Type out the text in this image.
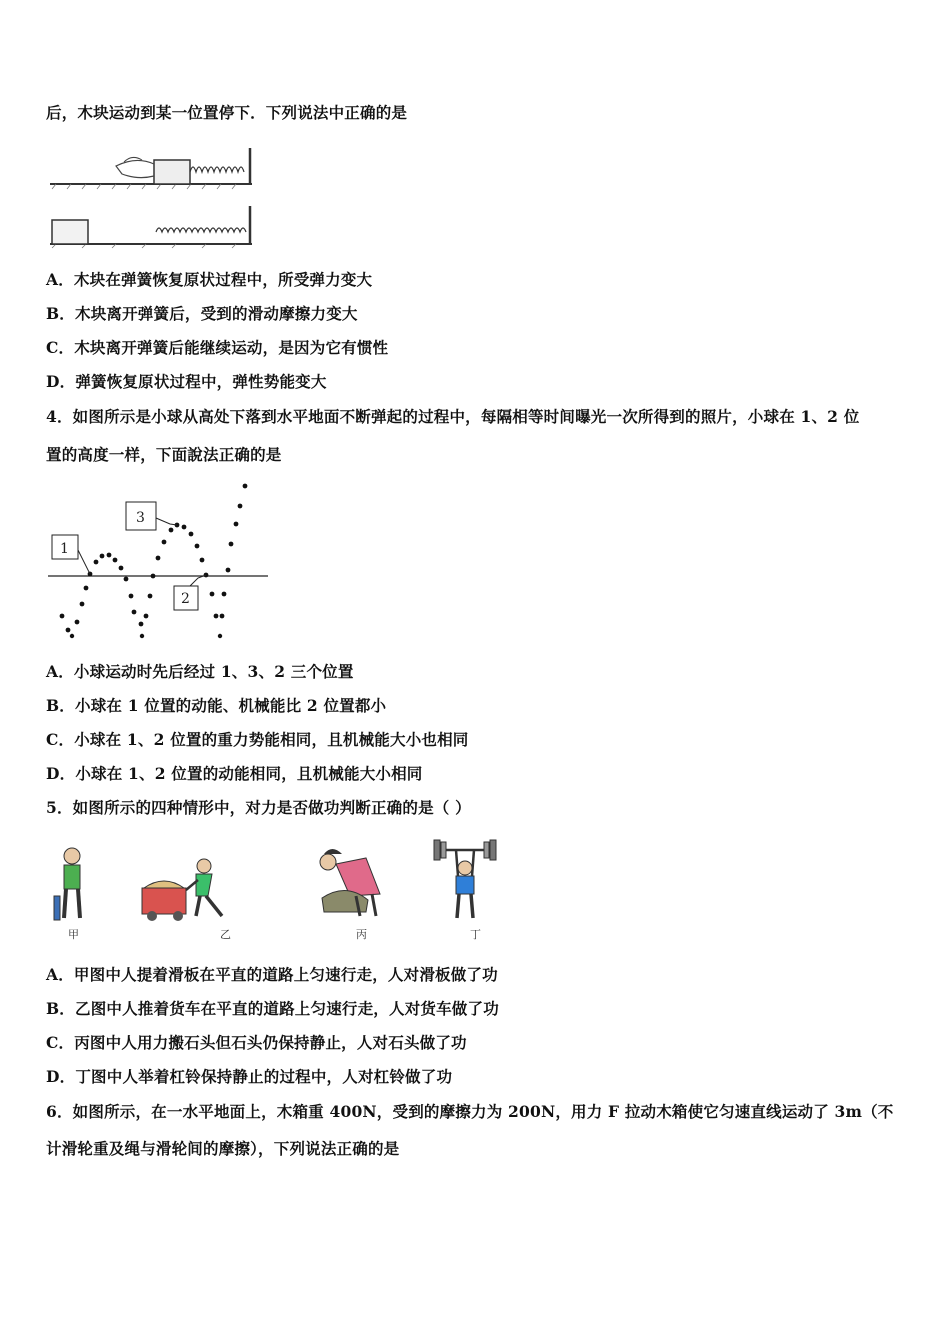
后，木块运动到某一位置停下．下列说法中正确的是
A．木块在弹簧恢复原状过程中，所受弹力变大
B．木块离开弹簧后，受到的滑动摩擦力变大
C．木块离开弹簧后能继续运动，是因为它有惯性
D．弹簧恢复原状过程中，弹性势能变大
4．如图所示是小球从高处下落到水平地面不断弹起的过程中，每隔相等时间曝光一次所得到的照片，小球在 1、2 位
置的高度一样，下面說法正确的是
1
3
2
A．小球运动时先后经过 1、3、2 三个位置
B．小球在 1 位置的动能、机械能比 2 位置都小
C．小球在 1、2 位置的重力势能相同，且机械能大小也相同
D．小球在 1、2 位置的动能相同，且机械能大小相同
5．如图所示的四种情形中，对力是否做功判断正确的是（ ）
甲	乙	丙	丁
A．甲图中人提着滑板在平直的道路上匀速行走，人对滑板做了功
B．乙图中人推着货车在平直的道路上匀速行走，人对货车做了功
C．丙图中人用力搬石头但石头仍保持静止，人对石头做了功
D．丁图中人举着杠铃保持静止的过程中，人对杠铃做了功
6．如图所示，在一水平地面上，木箱重 400N，受到的摩擦力为 200N，用力 F 拉动木箱使它匀速直线运动了 3m（不
计滑轮重及绳与滑轮间的摩擦），下列说法正确的是
